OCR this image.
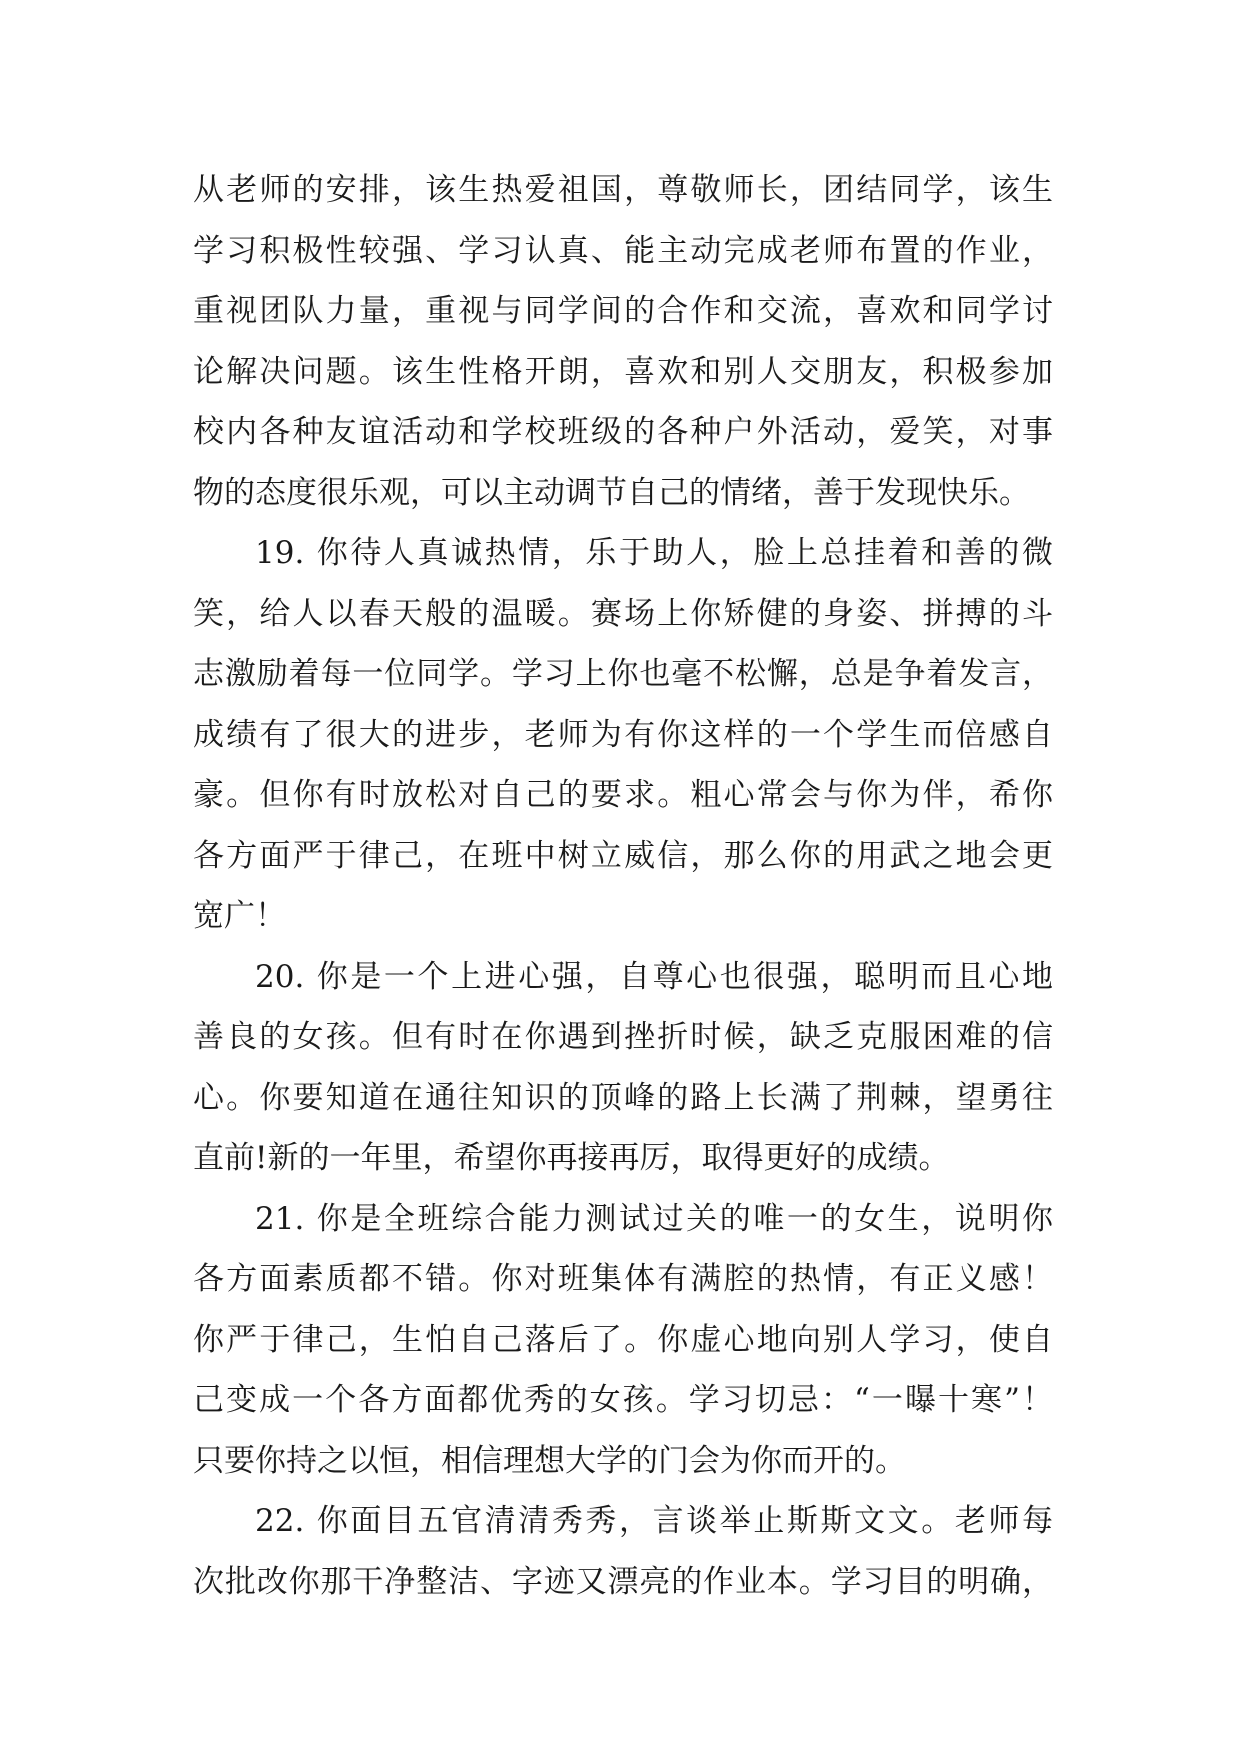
从老师的安排，该生热爱祖国，尊敬师长，团结同学，该生
学习积极性较强、学习认真、能主动完成老师布置的作业，
重视团队力量，重视与同学间的合作和交流，喜欢和同学讨
论解决问题。该生性格开朗，喜欢和别人交朋友，积极参加
校内各种友谊活动和学校班级的各种户外活动，爱笑，对事
物的态度很乐观，可以主动调节自己的情绪，善于发现快乐。
19. 你待人真诚热情，乐于助人，脸上总挂着和善的微
笑，给人以春天般的温暖。赛场上你矫健的身姿、拼搏的斗
志激励着每一位同学。学习上你也毫不松懈，总是争着发言，
成绩有了很大的进步，老师为有你这样的一个学生而倍感自
豪。但你有时放松对自己的要求。粗心常会与你为伴，希你
各方面严于律己，在班中树立威信，那么你的用武之地会更
宽广！
20. 你是一个上进心强，自尊心也很强，聪明而且心地
善良的女孩。但有时在你遇到挫折时候，缺乏克服困难的信
心。你要知道在通往知识的顶峰的路上长满了荆棘，望勇往
直前!新的一年里，希望你再接再厉，取得更好的成绩。
21. 你是全班综合能力测试过关的唯一的女生，说明你
各方面素质都不错。你对班集体有满腔的热情，有正义感！
你严于律己，生怕自己落后了。你虚心地向别人学习，使自
己变成一个各方面都优秀的女孩。学习切忌：“一曝十寒”！
只要你持之以恒，相信理想大学的门会为你而开的。
22. 你面目五官清清秀秀，言谈举止斯斯文文。老师每
次批改你那干净整洁、字迹又漂亮的作业本。学习目的明确，
